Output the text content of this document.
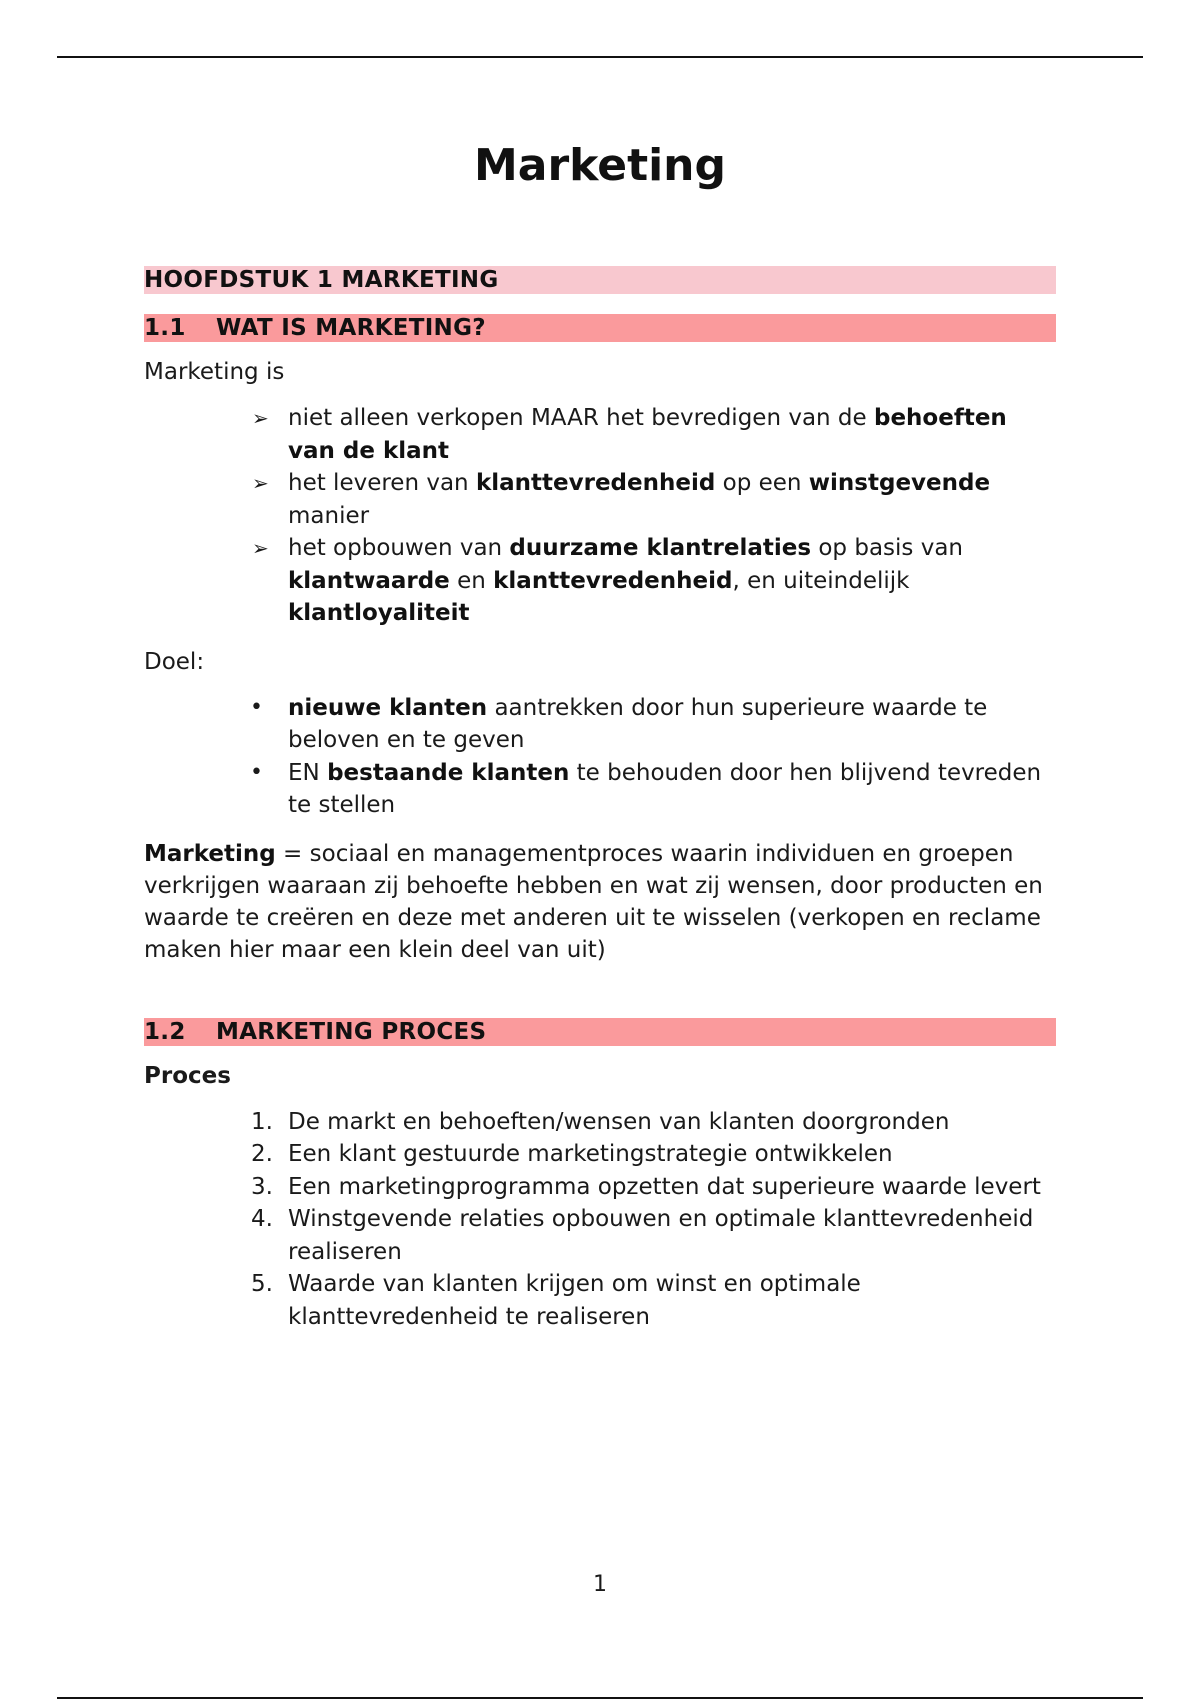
Marketing
HOOFDSTUK 1 MARKETING
1.1 WAT IS MARKETING?

Marketing is

➢ niet alleen verkopen MAAR het bevredigen van de behoeften van de klant
➢ het leveren van klanttevredenheid op een winstgevende manier
➢ het opbouwen van duurzame klantrelaties op basis van klantwaarde en klanttevredenheid, en uiteindelijk klantloyaliteit

Doel:

•	nieuwe klanten aantrekken door hun superieure waarde te beloven en te geven
•	EN bestaande klanten te behouden door hen blijvend tevreden te stellen

Marketing = sociaal en managementproces waarin individuen en groepen verkrijgen waaraan zij behoefte hebben en wat zij wensen, door producten en waarde te creëren en deze met anderen uit te wisselen (verkopen en reclame maken hier maar een klein deel van uit)

1.2 MARKETING PROCES

Proces

1. De markt en behoeften/wensen van klanten doorgronden
2. Een klant gestuurde marketingstrategie ontwikkelen
3. Een marketingprogramma opzetten dat superieure waarde levert
4. Winstgevende relaties opbouwen en optimale klanttevredenheid realiseren
5. Waarde van klanten krijgen om winst en optimale klanttevredenheid te realiseren
1
